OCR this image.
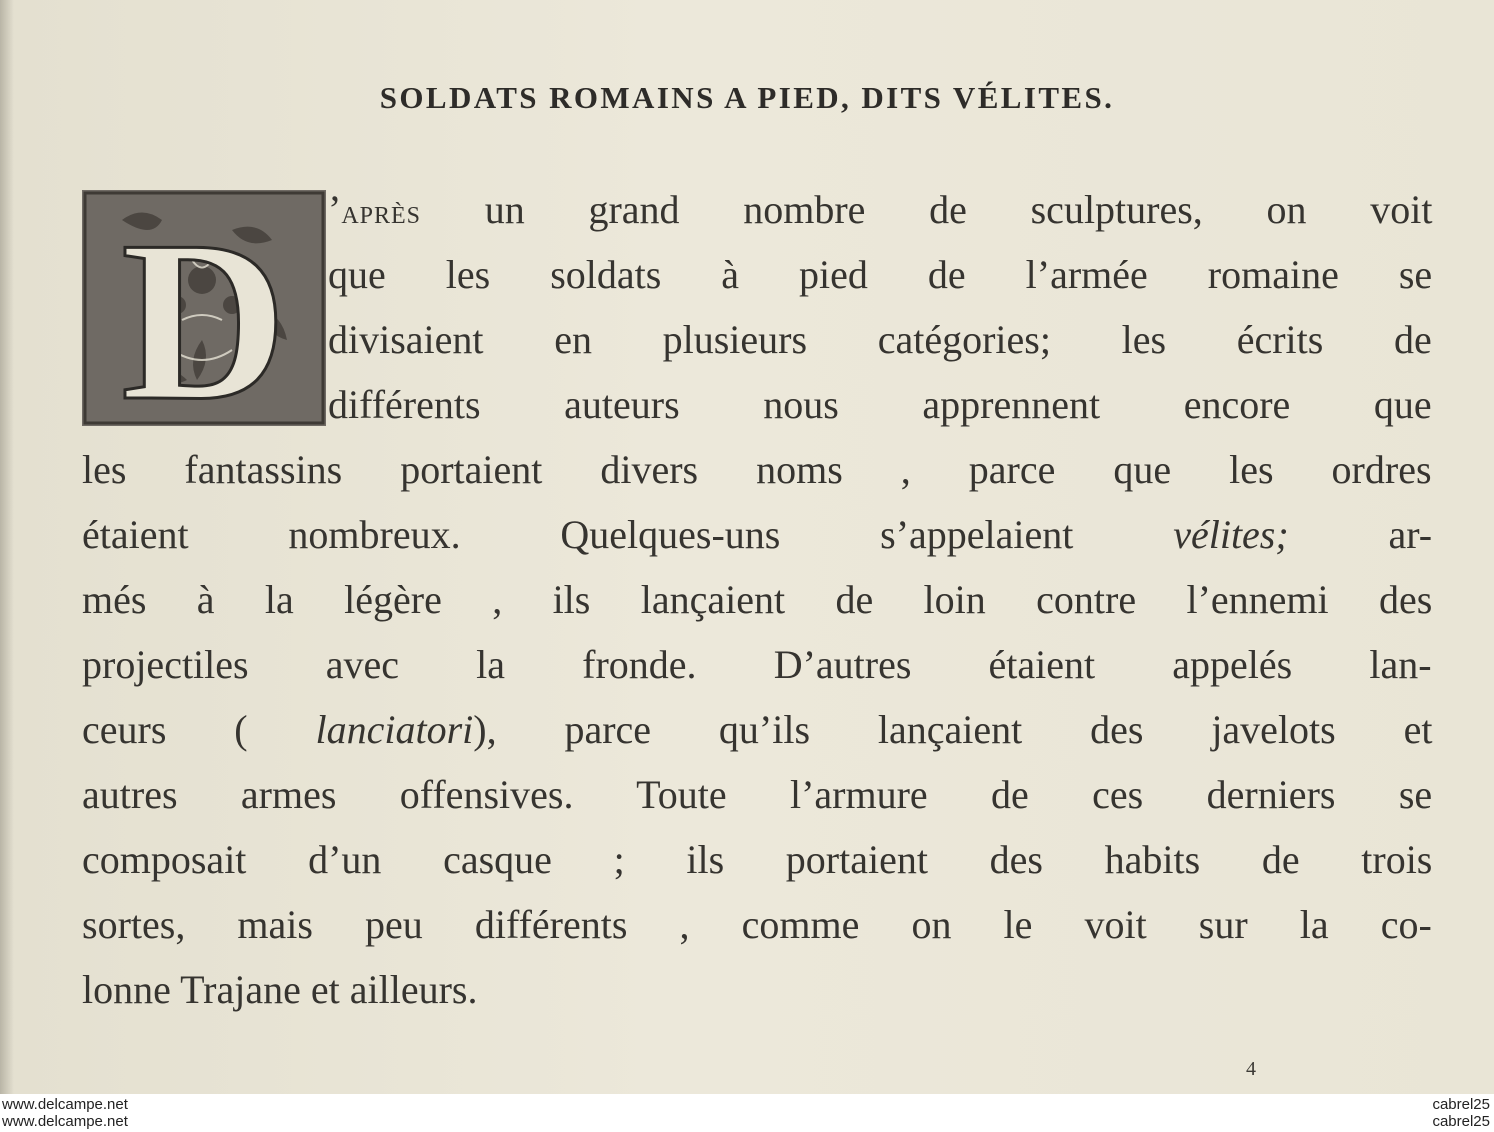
SOLDATS ROMAINS A PIED, DITS VÉLITES.
D ’après un grand nombre de sculptures, on voit
que les soldats à pied de l’armée romaine se
divisaient en plusieurs catégories; les écrits de
différents auteurs nous apprennent encore que
les fantassins portaient divers noms , parce que les ordres
étaient nombreux. Quelques-uns s’appelaient vélites; ar-
més à la légère , ils lançaient de loin contre l’ennemi des
projectiles avec la fronde. D’autres étaient appelés lan-
ceurs ( lanciatori), parce qu’ils lançaient des javelots et
autres armes offensives. Toute l’armure de ces derniers se
composait d’un casque ; ils portaient des habits de trois
sortes, mais peu différents , comme on le voit sur la co-
lonne Trajane et ailleurs.
4
www.delcampe.net
www.delcampe.net
cabrel25
cabrel25
